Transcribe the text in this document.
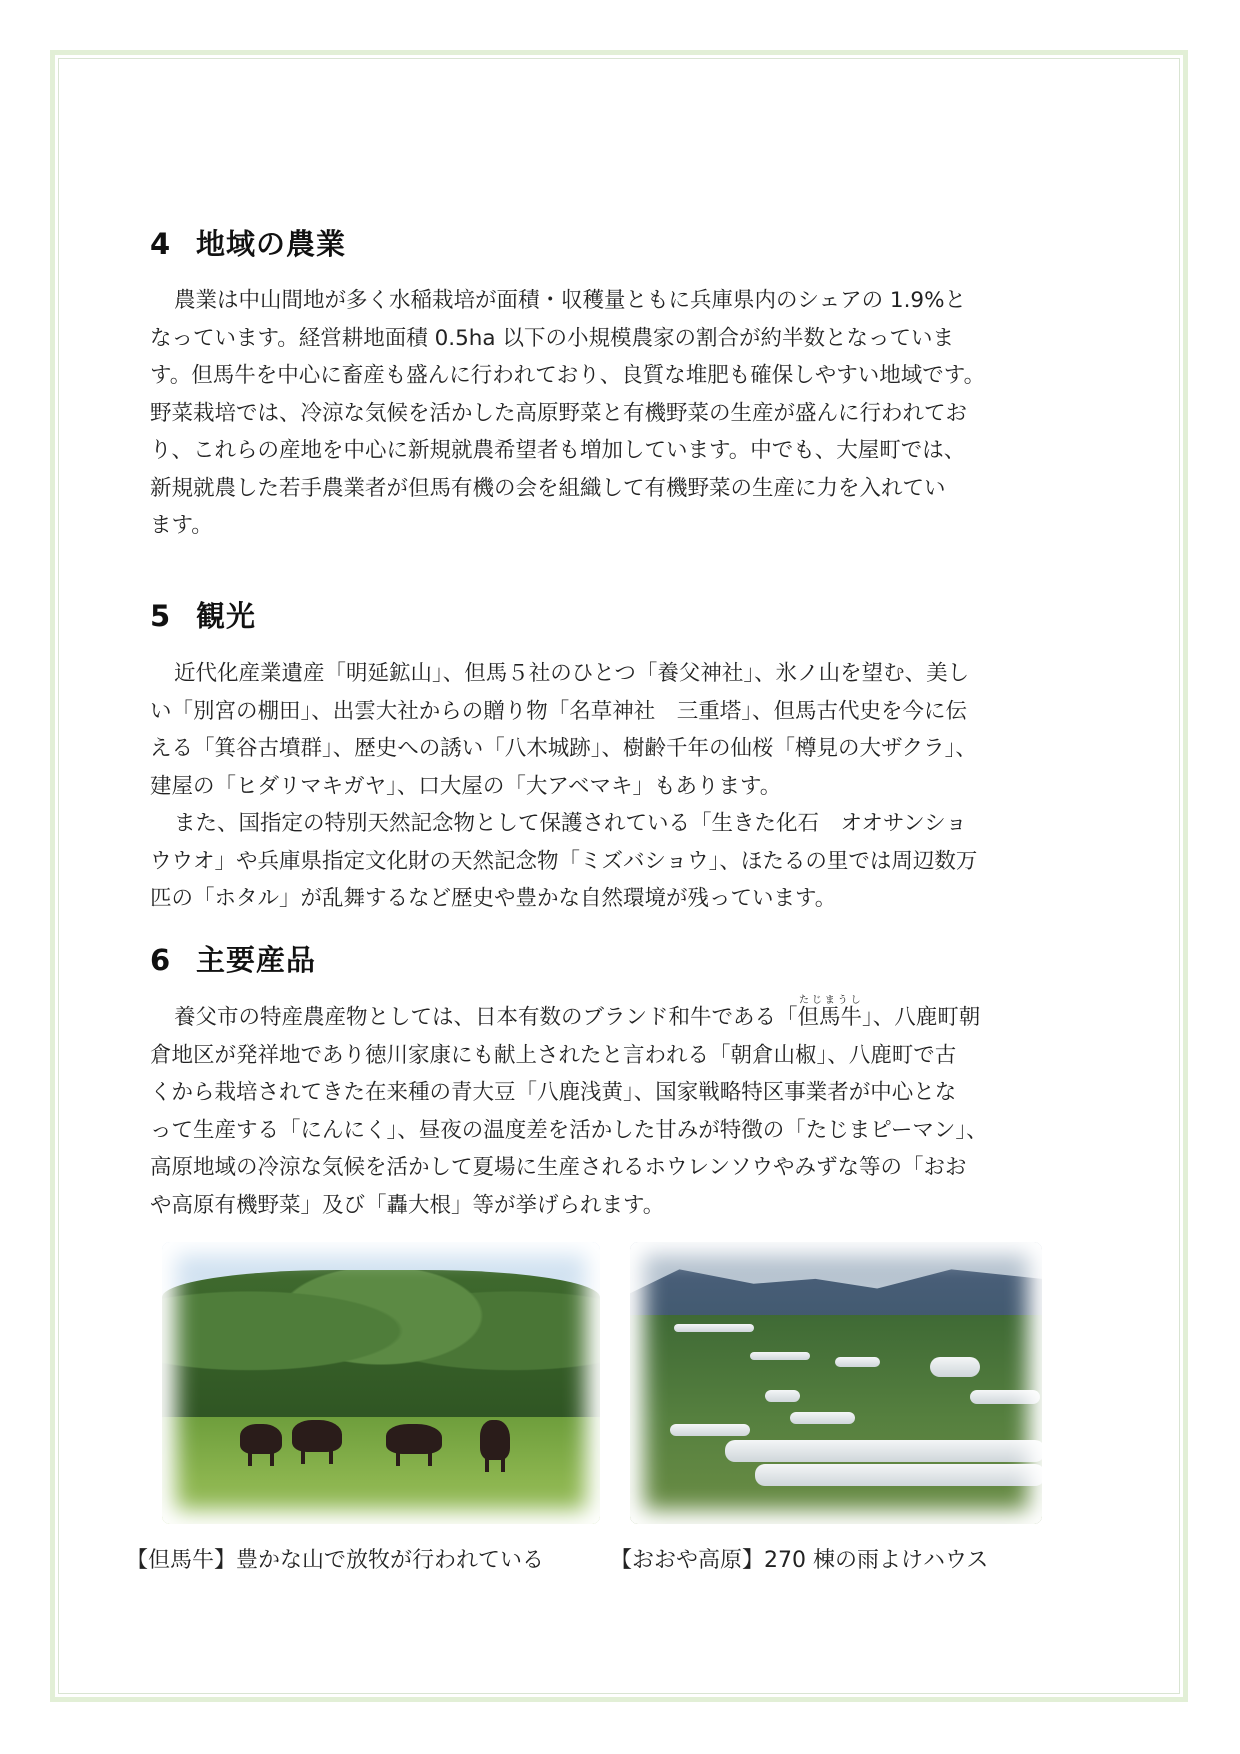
4 地域の農業

農業は中山間地が多く水稲栽培が面積・収穫量ともに兵庫県内のシェアの 1.9%と
なっています。経営耕地面積 0.5ha 以下の小規模農家の割合が約半数となっていま
す。但馬牛を中心に畜産も盛んに行われており、良質な堆肥も確保しやすい地域です。
野菜栽培では、冷涼な気候を活かした高原野菜と有機野菜の生産が盛んに行われてお
り、これらの産地を中心に新規就農希望者も増加しています。中でも、大屋町では、
新規就農した若手農業者が但馬有機の会を組織して有機野菜の生産に力を入れてい
ます。

5 観光

近代化産業遺産「明延鉱山」、但馬５社のひとつ「養父神社」、氷ノ山を望む、美し
い「別宮の棚田」、出雲大社からの贈り物「名草神社　三重塔」、但馬古代史を今に伝
える「箕谷古墳群」、歴史への誘い「八木城跡」、樹齢千年の仙桜「樽見の大ザクラ」、
建屋の「ヒダリマキガヤ」、口大屋の「大アベマキ」もあります。
また、国指定の特別天然記念物として保護されている「生きた化石　オオサンショ
ウウオ」や兵庫県指定文化財の天然記念物「ミズバショウ」、ほたるの里では周辺数万
匹の「ホタル」が乱舞するなど歴史や豊かな自然環境が残っています。

6 主要産品

養父市の特産農産物としては、日本有数のブランド和牛である「但馬牛たじまうし」、八鹿町朝
倉地区が発祥地であり徳川家康にも献上されたと言われる「朝倉山椒」、八鹿町で古
くから栽培されてきた在来種の青大豆「八鹿浅黄」、国家戦略特区事業者が中心とな
って生産する「にんにく」、昼夜の温度差を活かした甘みが特徴の「たじまピーマン」、
高原地域の冷涼な気候を活かして夏場に生産されるホウレンソウやみずな等の「おお
や高原有機野菜」及び「轟大根」等が挙げられます。

【但馬牛】豊かな山で放牧が行われている	【おおや高原】270 棟の雨よけハウス
